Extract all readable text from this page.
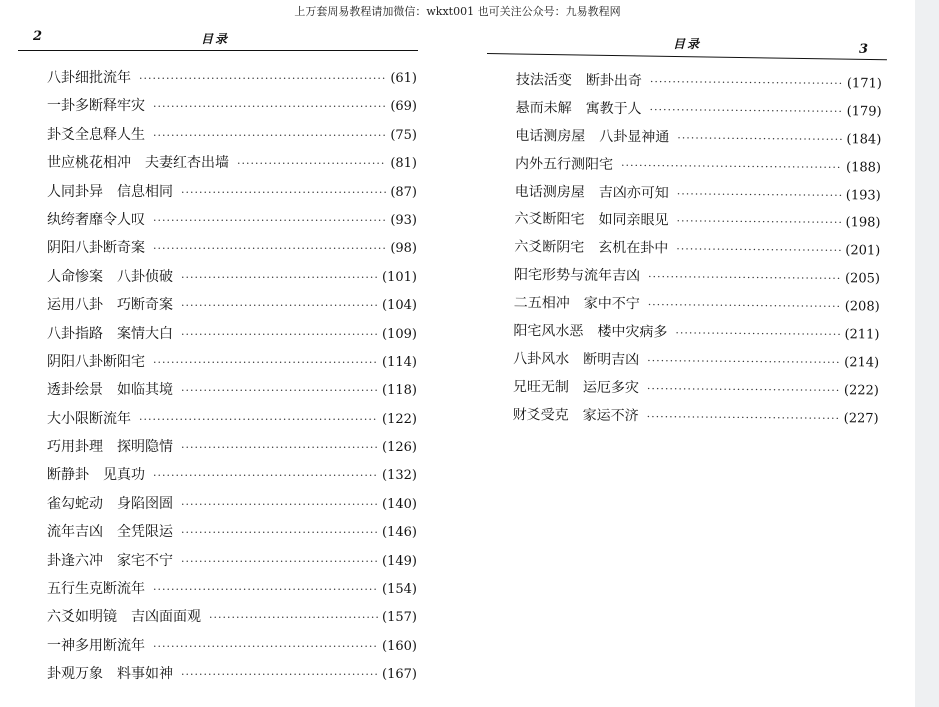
上万套周易教程请加微信：wkxt001 也可关注公众号：九易教程网
2	目录
八卦细批流年 ·····	(61)
一卦多断释牢灾 ·····	(69)
卦爻全息释人生 ·····	(75)
世应桃花相冲　夫妻红杏出墙 ·····	(81)
人同卦异　信息相同 ·····	(87)
纨绔奢靡令人叹 ·····	(93)
阴阳八卦断奇案 ·····	(98)
人命惨案　八卦侦破 ·····	(101)
运用八卦　巧断奇案 ·····	(104)
八卦指路　案情大白 ·····	(109)
阴阳八卦断阳宅 ·····	(114)
透卦绘景　如临其境 ·····	(118)
大小限断流年 ·····	(122)
巧用卦理　探明隐情 ·····	(126)
断静卦　见真功 ·····	(132)
雀勾蛇动　身陷囹圄 ·····	(140)
流年吉凶　全凭限运 ·····	(146)
卦逢六冲　家宅不宁 ·····	(149)
五行生克断流年 ·····	(154)
六爻如明镜　吉凶面面观 ·····	(157)
一神多用断流年 ·····	(160)
卦观万象　料事如神 ·····	(167)
目录	3
技法活变　断卦出奇 ·····	(171)
悬而未解　寓教于人 ·····	(179)
电话测房屋　八卦显神通 ·····	(184)
内外五行测阳宅 ·····	(188)
电话测房屋　吉凶亦可知 ·····	(193)
六爻断阳宅　如同亲眼见 ·····	(198)
六爻断阴宅　玄机在卦中 ·····	(201)
阳宅形势与流年吉凶 ·····	(205)
二五相冲　家中不宁 ·····	(208)
阳宅风水恶　楼中灾病多 ·····	(211)
八卦风水　断明吉凶 ·····	(214)
兄旺无制　运厄多灾 ·····	(222)
财爻受克　家运不济 ·····	(227)
